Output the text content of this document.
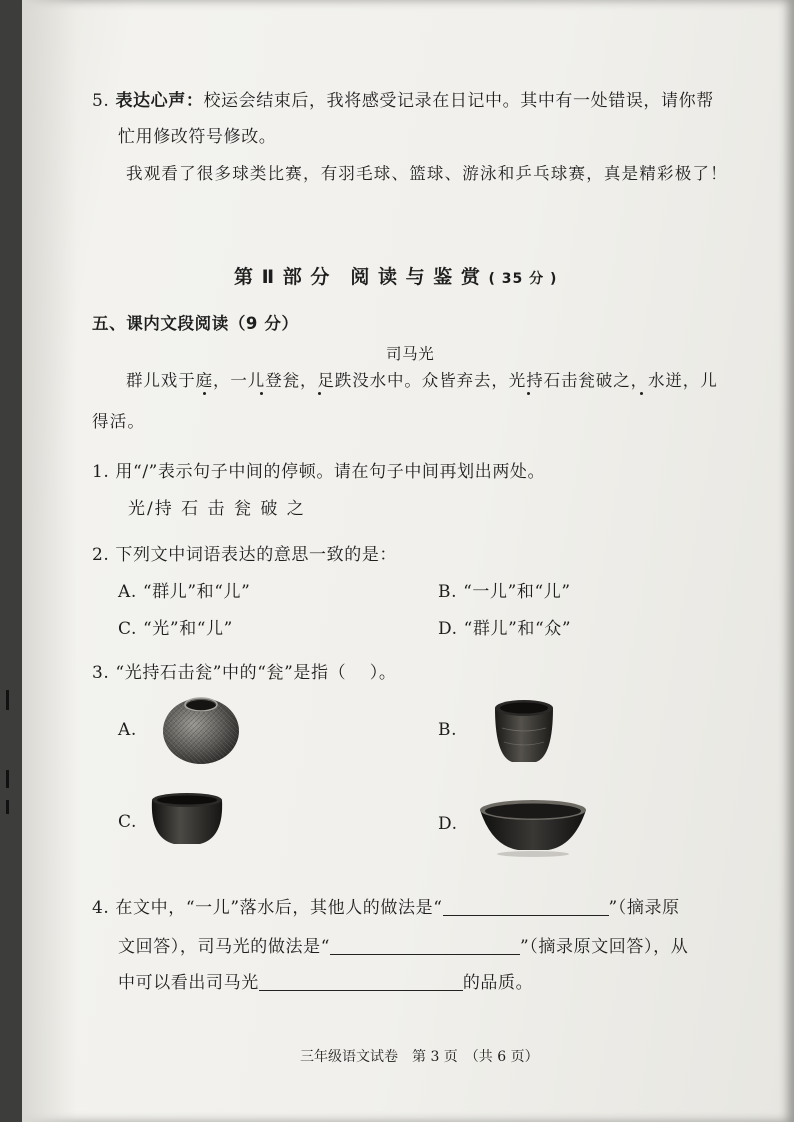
5. 表达心声：校运会结束后，我将感受记录在日记中。其中有一处错误，请你帮
忙用修改符号修改。
我观看了很多球类比赛，有羽毛球、篮球、游泳和乒乓球赛，真是精彩极了！
第 Ⅱ 部 分　阅 读 与 鉴 赏 ( 35 分 )
五、课内文段阅读（9 分）
司马光
群儿戏于庭，一儿登瓮，足跌没水中。众皆弃去，光持石击瓮破之，水迸，儿
得活。
1. 用“/”表示句子中间的停顿。请在句子中间再划出两处。
光/持 石 击 瓮 破 之
2. 下列文中词语表达的意思一致的是：
A. “群儿”和“儿”	B. “一儿”和“儿”
C. “光”和“儿”	D. “群儿”和“众”
3. “光持石击瓮”中的“瓮”是指（　 ）。
A.	B.
C.	D.
4. 在文中，“一儿”落水后，其他人的做法是“	”（摘录原
文回答），司马光的做法是“	”（摘录原文回答），从
中可以看出司马光	的品质。
三年级语文试卷　第 3 页　（共 6 页）
